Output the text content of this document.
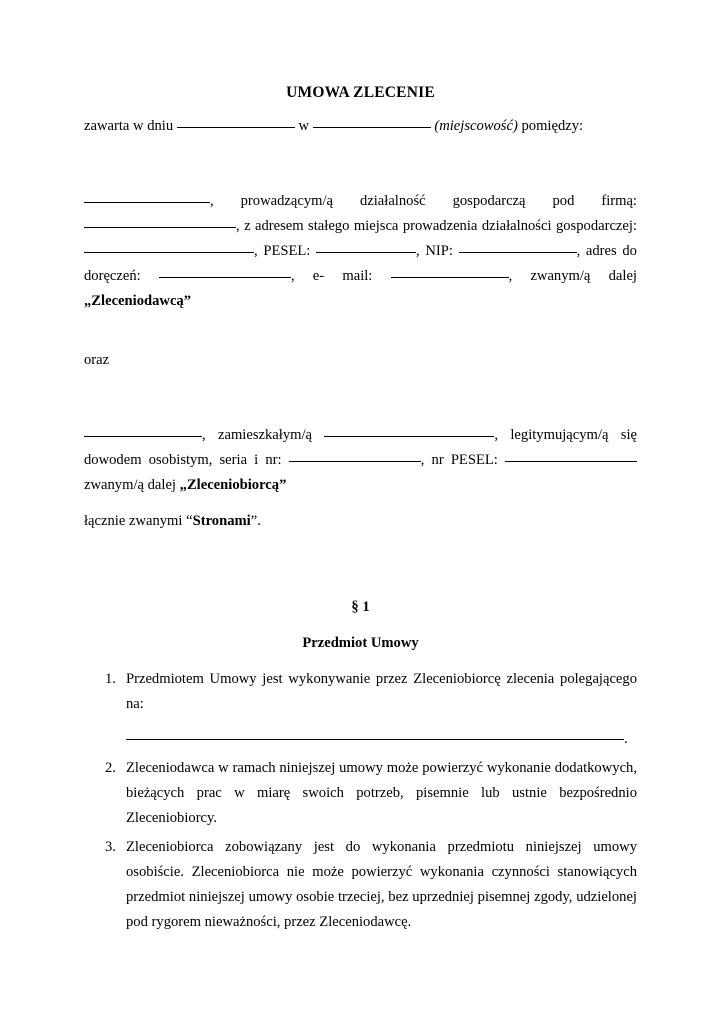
UMOWA ZLECENIE

zawarta w dniu	w	(miejscowość) pomiędzy:

, prowadzącym/ą działalność gospodarczą pod firmą: , z adresem stałego miejsca prowadzenia działalności gospodarczej:, PESEL:	, NIP:	, adres do doręczeń:	, e- mail:	, zwanym/ą dalej „Zleceniodawcą”

oraz

, zamieszkałym/ą	, legitymującym/ą się dowodem osobistym, seria i nr:	, nr PESEL:  zwanym/ą dalej „Zleceniobiorcą”

łącznie zwanymi “Stronami”.

§ 1

Przedmiot Umowy

Przedmiotem Umowy jest wykonywanie przez Zleceniobiorcę zlecenia polegającego na:
.
Zleceniodawca w ramach niniejszej umowy może powierzyć wykonanie dodatkowych, bieżących prac w miarę swoich potrzeb, pisemnie lub ustnie bezpośrednio Zleceniobiorcy.
Zleceniobiorca zobowiązany jest do wykonania przedmiotu niniejszej umowy osobiście. Zleceniobiorca nie może powierzyć wykonania czynności stanowiących przedmiot niniejszej umowy osobie trzeciej, bez uprzedniej pisemnej zgody, udzielonej pod rygorem nieważności, przez Zleceniodawcę.
